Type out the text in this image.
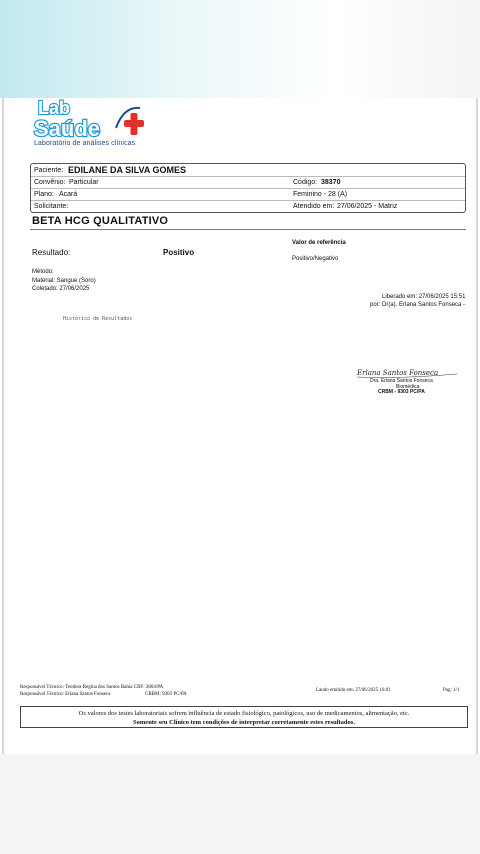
Lab
Saúde
Laboratório de análises clínicas
Paciente: EDILANE DA SILVA GOMES
Convênio: Particular	Código: 38370
Plano: Acará	Feminino - 28 (A)
Solicitante:	Atendido em: 27/06/2025 - Matriz
BETA HCG QUALITATIVO
Valor de referência
Resultado:	Positivo
Positivo/Negativo
Método:
Material: Sangue (Soro)
Coletado: 27/06/2025
Liberado em: 27/06/2025 15:51
por: Dr(a). Erlana Santos Fonseca -
Histórico de Resultados
Erlana Santos Fonseca
Dra. Erlana Santos Fonseca
Biomédica
CRBM - 9303 PC/PA
Responsável Técnico: Teodora Regina dos Santos Bahia CRF: 2804/PA
Responsável Técnico: Erlana Santos Fonseca	CRBM: 9303 PC/PA
Laudo emitido em: 27/06/2025 16:01	Pag: 1/1
Os valores dos testes laboratoriais sofrem influência de estado fisiológico, patológicos, uso de medicamentos, alimentação, etc.
Somente seu Clínico tem condições de interpretar corretamente estes resultados.
